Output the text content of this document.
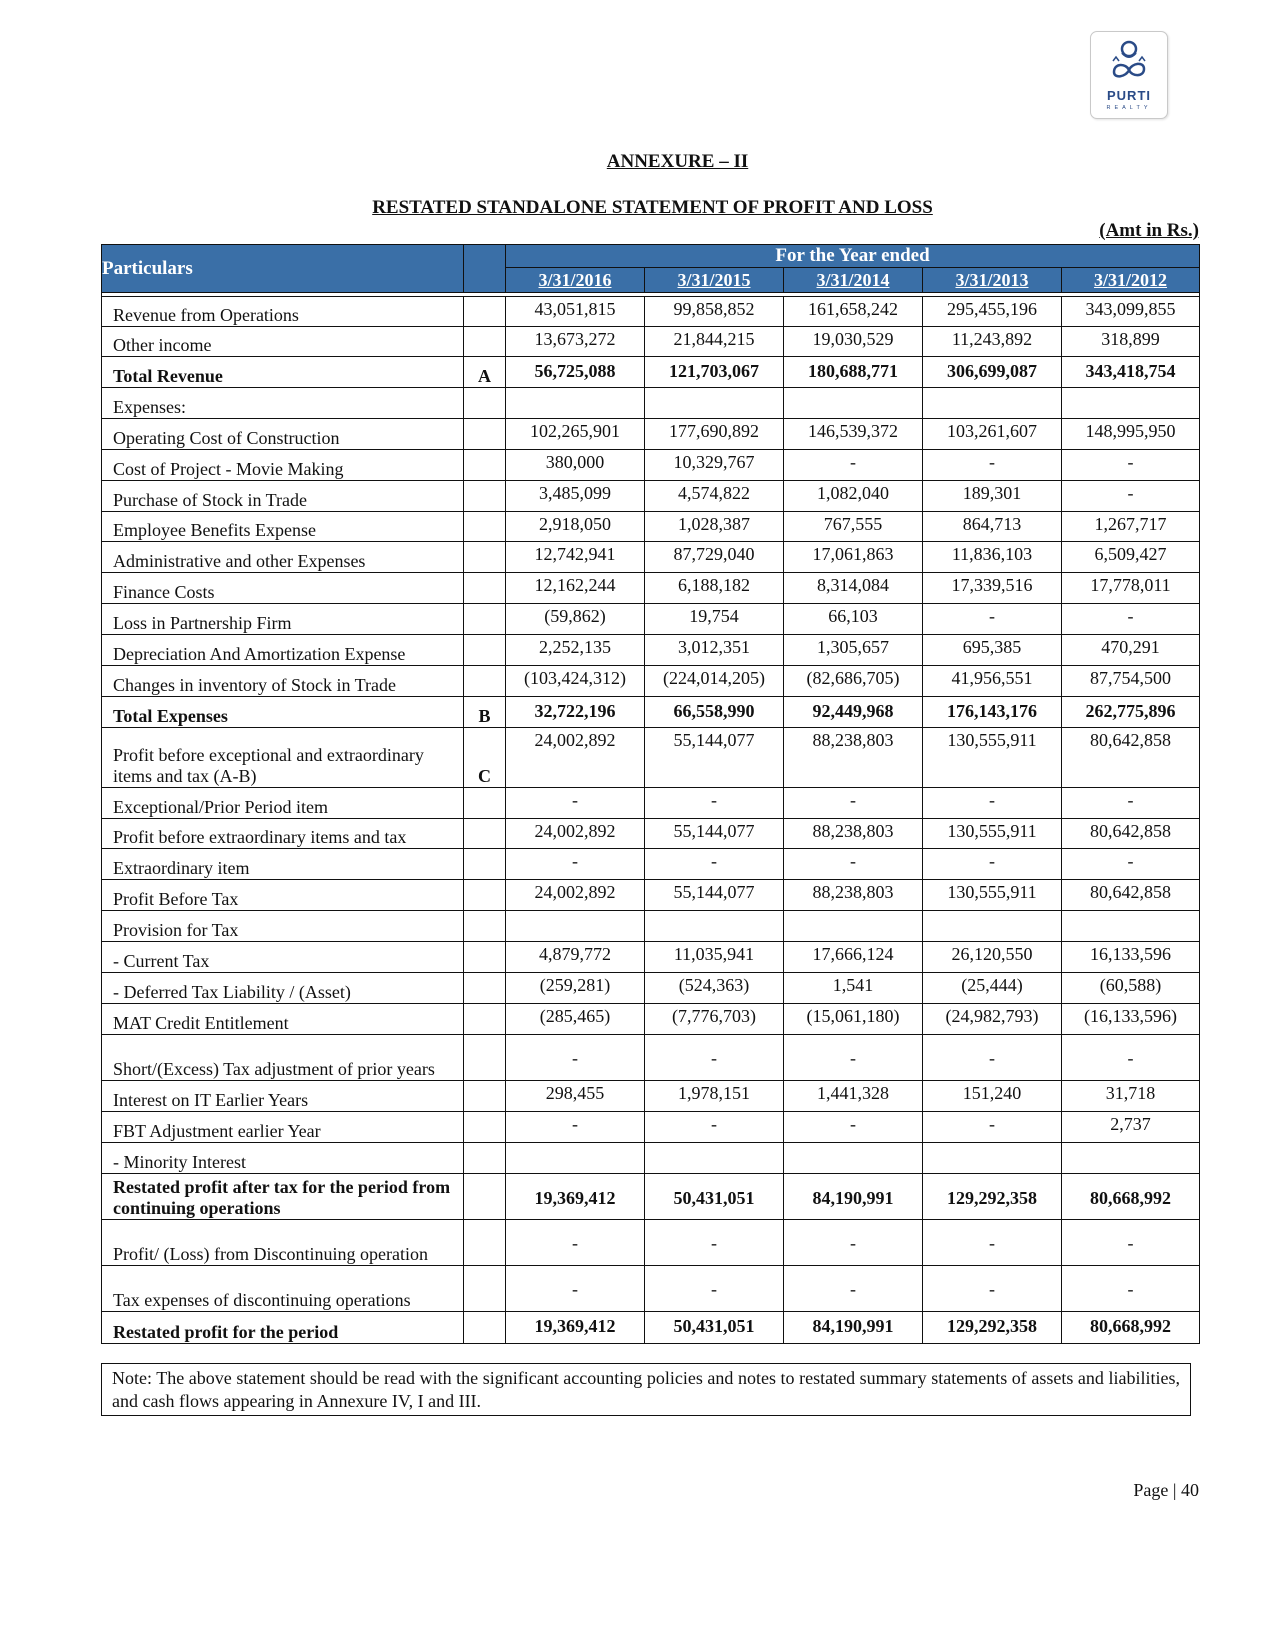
PURTI
REALTY
ANNEXURE – II
RESTATED STANDALONE STATEMENT OF PROFIT AND LOSS
(Amt in Rs.)
Particulars		For the Year ended				
		3/31/2016	3/31/2015	3/31/2014	3/31/2013	3/31/2012

Revenue from Operations		43,051,815	99,858,852	161,658,242	295,455,196	343,099,855
Other income		13,673,272	21,844,215	19,030,529	11,243,892	318,899
Total Revenue	A	56,725,088	121,703,067	180,688,771	306,699,087	343,418,754
Expenses:						
Operating Cost of Construction		102,265,901	177,690,892	146,539,372	103,261,607	148,995,950
Cost of Project - Movie Making		380,000	10,329,767	-	-	-
Purchase of Stock in Trade		3,485,099	4,574,822	1,082,040	189,301	-
Employee Benefits Expense		2,918,050	1,028,387	767,555	864,713	1,267,717
Administrative and other Expenses		12,742,941	87,729,040	17,061,863	11,836,103	6,509,427
Finance Costs		12,162,244	6,188,182	8,314,084	17,339,516	17,778,011
Loss in Partnership Firm		(59,862)	19,754	66,103	-	-
Depreciation And Amortization Expense		2,252,135	3,012,351	1,305,657	695,385	470,291
Changes in inventory of Stock in Trade		(103,424,312)	(224,014,205)	(82,686,705)	41,956,551	87,754,500
Total Expenses	B	32,722,196	66,558,990	92,449,968	176,143,176	262,775,896
Profit before exceptional and extraordinary items and tax (A-B)	C	24,002,892	55,144,077	88,238,803	130,555,911	80,642,858
Exceptional/Prior Period item		-	-	-	-	-
Profit before extraordinary items and tax		24,002,892	55,144,077	88,238,803	130,555,911	80,642,858
Extraordinary item		-	-	-	-	-
Profit Before Tax		24,002,892	55,144,077	88,238,803	130,555,911	80,642,858
Provision for Tax						
- Current Tax		4,879,772	11,035,941	17,666,124	26,120,550	16,133,596
- Deferred Tax Liability / (Asset)		(259,281)	(524,363)	1,541	(25,444)	(60,588)
MAT Credit Entitlement		(285,465)	(7,776,703)	(15,061,180)	(24,982,793)	(16,133,596)
Short/(Excess) Tax adjustment of prior years		-	-	-	-	-
Interest on IT Earlier Years		298,455	1,978,151	1,441,328	151,240	31,718
FBT Adjustment earlier Year		-	-	-	-	2,737
- Minority Interest						
Restated profit after tax for the period from continuing operations		19,369,412	50,431,051	84,190,991	129,292,358	80,668,992
Profit/ (Loss) from Discontinuing operation		-	-	-	-	-
Tax expenses of discontinuing operations		-	-	-	-	-
Restated profit for the period		19,369,412	50,431,051	84,190,991	129,292,358	80,668,992
Note: The above statement should be read with the significant accounting policies and notes to restated summary statements of assets and liabilities, and cash flows appearing in Annexure IV, I and III.
Page | 40
